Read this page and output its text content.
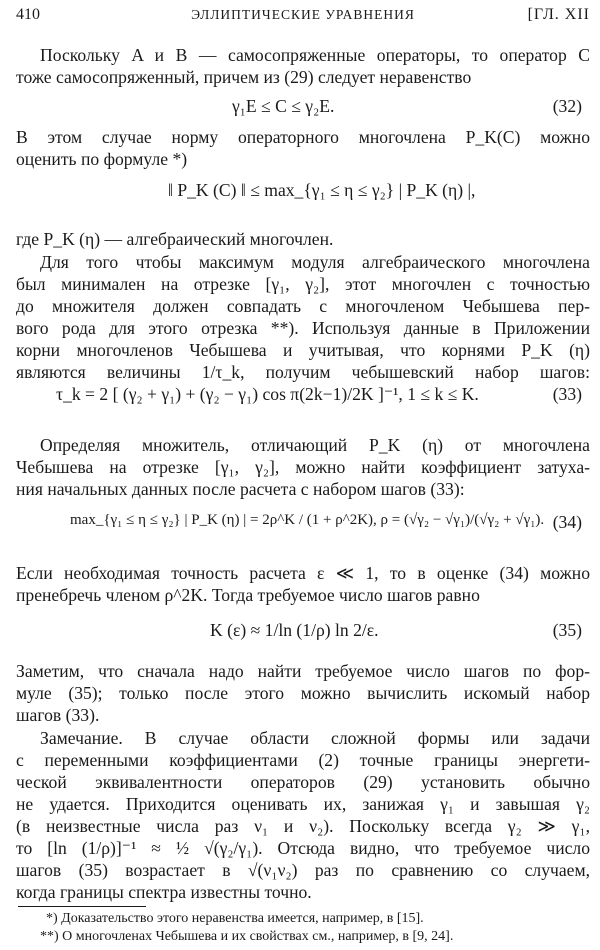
410	ЭЛЛИПТИЧЕСКИЕ УРАВНЕНИЯ	[ГЛ. XII
Поскольку A и B — самосопряженные операторы, то оператор C
тоже самосопряженный, причем из (29) следует неравенство
γ₁E ≤ C ≤ γ₂E.	(32)
В этом случае норму операторного многочлена P_K(C) можно
оценить по формуле *)
‖ P_K (C) ‖ ≤ max_{γ₁ ≤ η ≤ γ₂} | P_K (η) |,
где P_K (η) — алгебраический многочлен.
Для того чтобы максимум модуля алгебраического многочлена
был минимален на отрезке [γ₁, γ₂], этот многочлен с точностью
до множителя должен совпадать с многочленом Чебышева пер-
вого рода для этого отрезка **). Используя данные в Приложении
корни многочленов Чебышева и учитывая, что корнями P_K (η)
являются величины 1/τ_k, получим чебышевский набор шагов:
τ_k = 2 [ (γ₂ + γ₁) + (γ₂ − γ₁) cos π(2k−1)/2K ]⁻¹, 1 ≤ k ≤ K.	(33)
Определяя множитель, отличающий P_K (η) от многочлена
Чебышева на отрезке [γ₁, γ₂], можно найти коэффициент затуха-
ния начальных данных после расчета с набором шагов (33):
max_{γ₁ ≤ η ≤ γ₂} | P_K (η) | = 2ρ^K / (1 + ρ^2K), ρ = (√γ₂ − √γ₁)/(√γ₂ + √γ₁). (34)
Если необходимая точность расчета ε ≪ 1, то в оценке (34) можно
пренебречь членом ρ^2K. Тогда требуемое число шагов равно
K (ε) ≈ 1/ln (1/ρ) ln 2/ε.	(35)
Заметим, что сначала надо найти требуемое число шагов по фор-
муле (35); только после этого можно вычислить искомый набор
шагов (33).
Замечание. В случае области сложной формы или задачи
с переменными коэффициентами (2) точные границы энергети-
ческой эквивалентности операторов (29) установить обычно
не удается. Приходится оценивать их, занижая γ₁ и завышая γ₂
(в неизвестные числа раз ν₁ и ν₂). Поскольку всегда γ₂ ≫ γ₁,
то [ln (1/ρ)]⁻¹ ≈ ½ √(γ₂/γ₁). Отсюда видно, что требуемое число
шагов (35) возрастает в √(ν₁ν₂) раз по сравнению со случаем,
когда границы спектра известны точно.
*) Доказательство этого неравенства имеется, например, в [15].
**) О многочленах Чебышева и их свойствах см., например, в [9, 24].
